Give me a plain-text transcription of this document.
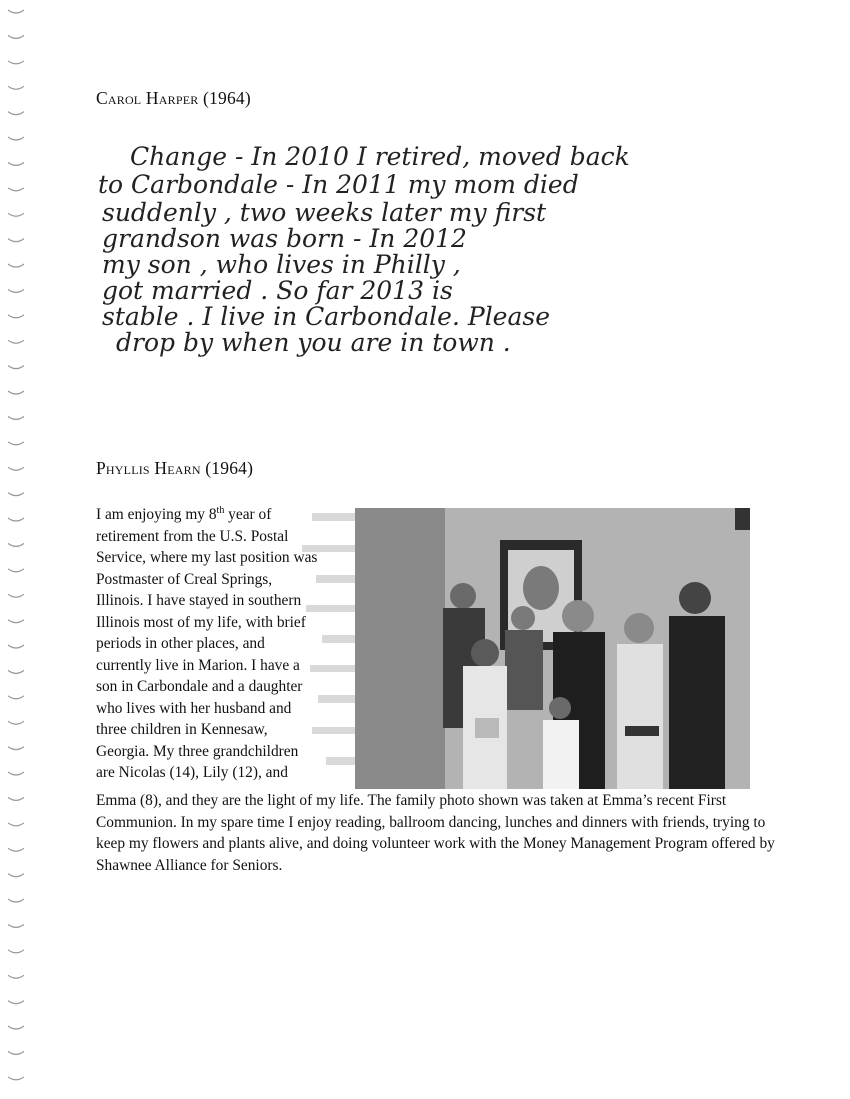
Carol Harper (1964)
Change - In 2010 I retired, moved back
to Carbondale - In 2011 my mom died
suddenly , two weeks later my first
grandson was born - In 2012
my son , who lives in Philly ,
got married . So far 2013 is
stable . I live in Carbondale. Please
drop by when you are in town .
Phyllis Hearn (1964)

I am enjoying my 8th year of
retirement from the U.S. Postal
Service, where my last position was
Postmaster of Creal Springs,
Illinois. I have stayed in southern
Illinois most of my life, with brief
periods in other places, and
currently live in Marion. I have a
son in Carbondale and a daughter
who lives with her husband and
three children in Kennesaw,
Georgia. My three grandchildren
are Nicolas (14), Lily (12), and

Emma (8), and they are the light of my life. The family photo shown was taken at Emma’s recent First Communion. In my spare time I enjoy reading, ballroom dancing, lunches and dinners with friends, trying to keep my flowers and plants alive, and doing volunteer work with the Money Management Program offered by Shawnee Alliance for Seniors.
